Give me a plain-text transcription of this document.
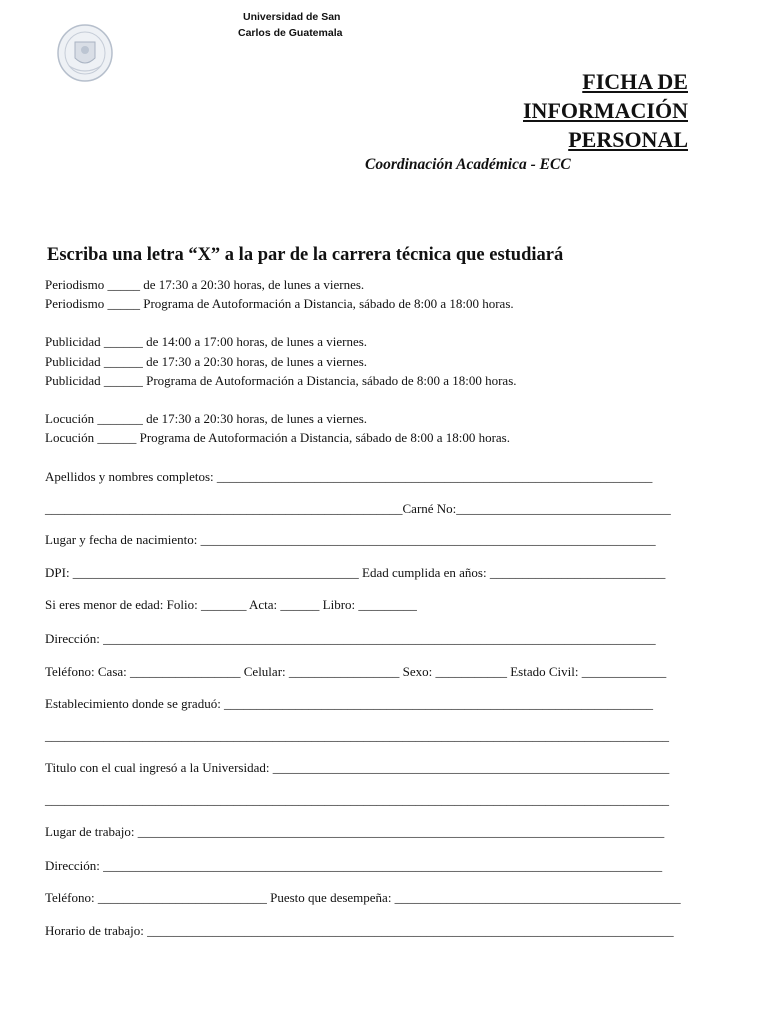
Universidad de San
Carlos de Guatemala
FICHA DE
INFORMACIÓN
PERSONAL
Coordinación Académica - ECC
Escriba una letra “X” a la par de la carrera técnica que estudiará
Periodismo _____ de 17:30 a 20:30 horas, de lunes a viernes.
Periodismo _____ Programa de Autoformación a Distancia, sábado de 8:00 a 18:00 horas.
Publicidad ______ de 14:00 a 17:00 horas, de lunes a viernes.
Publicidad ______ de 17:30 a 20:30 horas, de lunes a viernes.
Publicidad ______ Programa de Autoformación a Distancia, sábado de 8:00 a 18:00 horas.
Locución _______ de 17:30 a 20:30 horas, de lunes a viernes.
Locución ______ Programa de Autoformación a Distancia, sábado de 8:00 a 18:00 horas.
Apellidos y nombres completos: ___________________________________________________________________
_______________________________________________________Carné No:_________________________________
Lugar y fecha de nacimiento: ______________________________________________________________________
DPI: ____________________________________________ Edad cumplida en años: ___________________________
Si eres menor de edad: Folio: _______ Acta: ______ Libro: _________
Dirección: _____________________________________________________________________________________
Teléfono: Casa: _________________ Celular: _________________ Sexo: ___________ Estado Civil: _____________
Establecimiento donde se graduó: __________________________________________________________________
________________________________________________________________________________________________
Titulo con el cual ingresó a la Universidad: _____________________________________________________________
________________________________________________________________________________________________
Lugar de trabajo: _________________________________________________________________________________
Dirección: ______________________________________________________________________________________
Teléfono: __________________________ Puesto que desempeña: ____________________________________________
Horario de trabajo: _________________________________________________________________________________
